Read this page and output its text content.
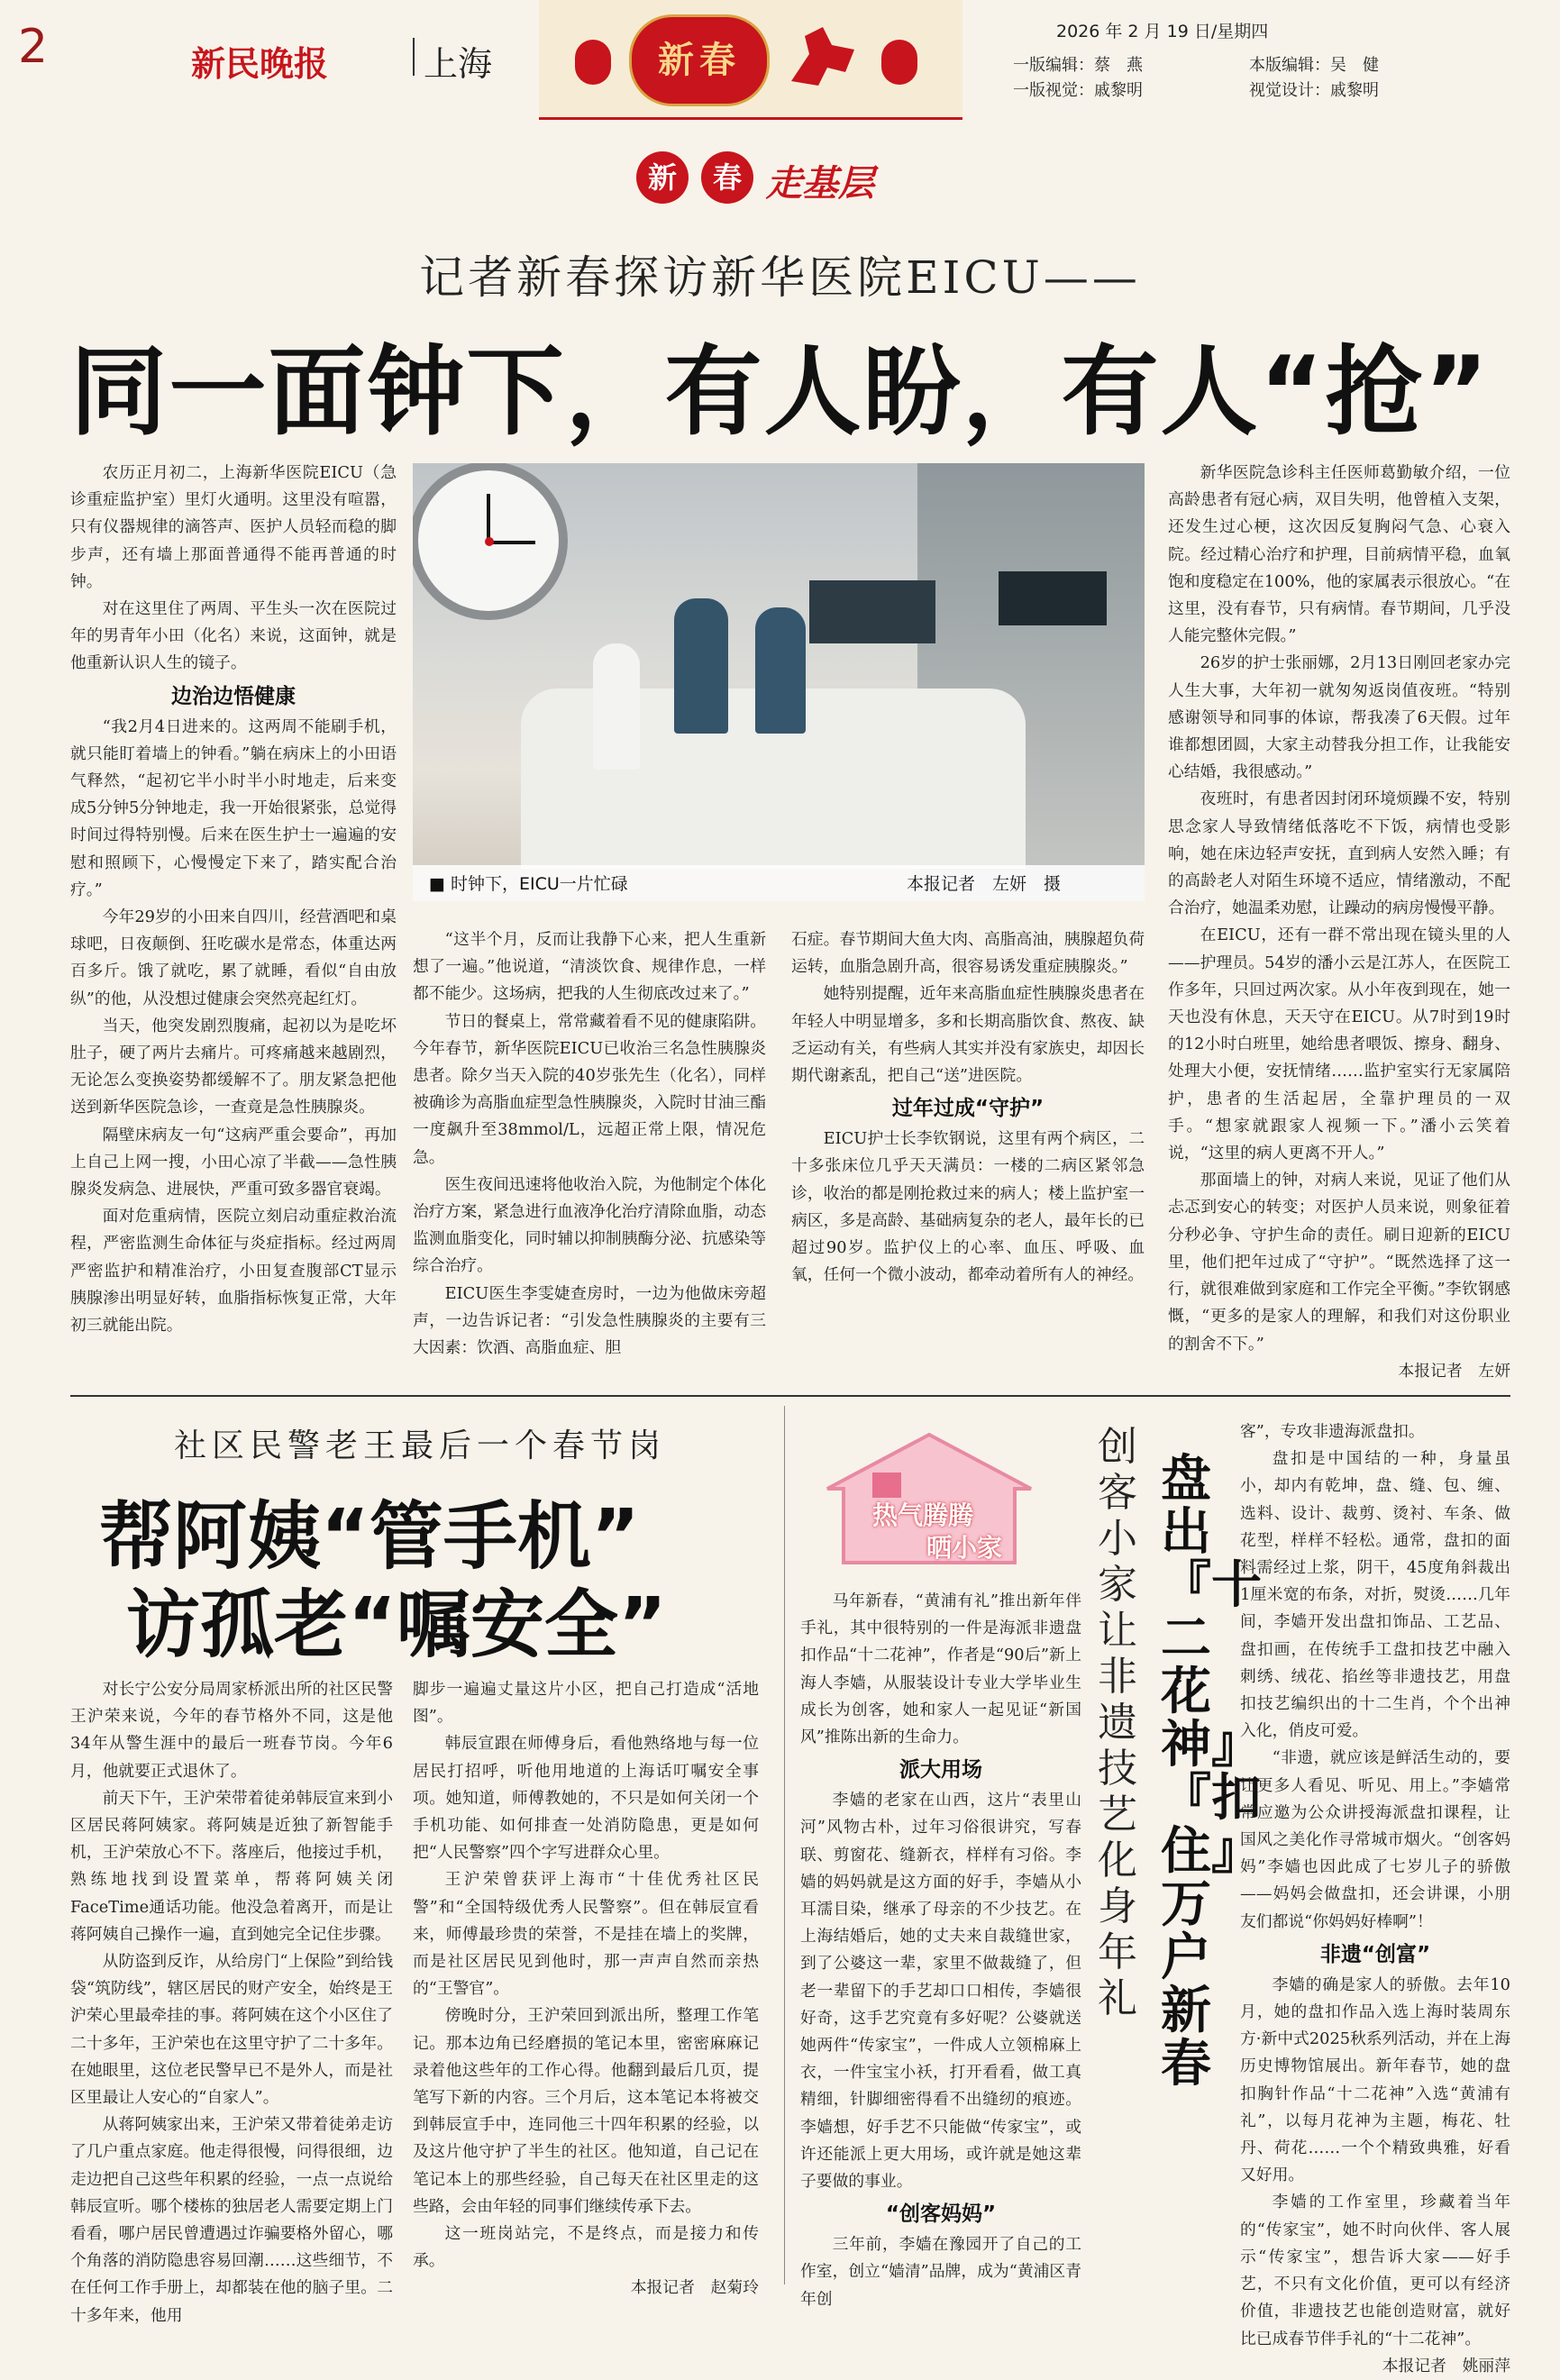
2	新民晚报	上海	新春
2026 年 2 月 19 日/星期四
一版编辑：蔡　燕
一版视觉：戚黎明
本版编辑：吴　健
视觉设计：戚黎明
新	春 走基层
记者新春探访新华医院EICU——
同一面钟下，有人盼，有人“抢”

农历正月初二，上海新华医院EICU（急诊重症监护室）里灯火通明。这里没有喧嚣，只有仪器规律的滴答声、医护人员轻而稳的脚步声，还有墙上那面普通得不能再普通的时钟。

对在这里住了两周、平生头一次在医院过年的男青年小田（化名）来说，这面钟，就是他重新认识人生的镜子。

边治边悟健康

“我2月4日进来的。这两周不能刷手机，就只能盯着墙上的钟看。”躺在病床上的小田语气释然，“起初它半小时半小时地走，后来变成5分钟5分钟地走，我一开始很紧张，总觉得时间过得特别慢。后来在医生护士一遍遍的安慰和照顾下，心慢慢定下来了，踏实配合治疗。”

今年29岁的小田来自四川，经营酒吧和桌球吧，日夜颠倒、狂吃碳水是常态，体重达两百多斤。饿了就吃，累了就睡，看似“自由放纵”的他，从没想过健康会突然亮起红灯。

当天，他突发剧烈腹痛，起初以为是吃坏肚子，硬了两片去痛片。可疼痛越来越剧烈，无论怎么变换姿势都缓解不了。朋友紧急把他送到新华医院急诊，一查竟是急性胰腺炎。

隔壁床病友一句“这病严重会要命”，再加上自己上网一搜，小田心凉了半截——急性胰腺炎发病急、进展快，严重可致多器官衰竭。

面对危重病情，医院立刻启动重症救治流程，严密监测生命体征与炎症指标。经过两周严密监护和精准治疗，小田复查腹部CT显示胰腺渗出明显好转，血脂指标恢复正常，大年初三就能出院。

■ 时钟下，EICU一片忙碌	本报记者　左妍　摄

“这半个月，反而让我静下心来，把人生重新想了一遍。”他说道，“清淡饮食、规律作息，一样都不能少。这场病，把我的人生彻底改过来了。”

节日的餐桌上，常常藏着看不见的健康陷阱。今年春节，新华医院EICU已收治三名急性胰腺炎患者。除夕当天入院的40岁张先生（化名），同样被确诊为高脂血症型急性胰腺炎，入院时甘油三酯一度飙升至38mmol/L，远超正常上限，情况危急。

医生夜间迅速将他收治入院，为他制定个体化治疗方案，紧急进行血液净化治疗清除血脂，动态监测血脂变化，同时辅以抑制胰酶分泌、抗感染等综合治疗。

EICU医生李雯婕查房时，一边为他做床旁超声，一边告诉记者：“引发急性胰腺炎的主要有三大因素：饮酒、高脂血症、胆

石症。春节期间大鱼大肉、高脂高油，胰腺超负荷运转，血脂急剧升高，很容易诱发重症胰腺炎。”

她特别提醒，近年来高脂血症性胰腺炎患者在年轻人中明显增多，多和长期高脂饮食、熬夜、缺乏运动有关，有些病人其实并没有家族史，却因长期代谢紊乱，把自己“送”进医院。

过年过成“守护”

EICU护士长李钦钢说，这里有两个病区，二十多张床位几乎天天满员：一楼的二病区紧邻急诊，收治的都是刚抢救过来的病人；楼上监护室一病区，多是高龄、基础病复杂的老人，最年长的已超过90岁。监护仪上的心率、血压、呼吸、血氧，任何一个微小波动，都牵动着所有人的神经。

新华医院急诊科主任医师葛勤敏介绍，一位高龄患者有冠心病，双目失明，他曾植入支架，还发生过心梗，这次因反复胸闷气急、心衰入院。经过精心治疗和护理，目前病情平稳，血氧饱和度稳定在100%，他的家属表示很放心。“在这里，没有春节，只有病情。春节期间，几乎没人能完整休完假。”

26岁的护士张丽娜，2月13日刚回老家办完人生大事，大年初一就匆匆返岗值夜班。“特别感谢领导和同事的体谅，帮我凑了6天假。过年谁都想团圆，大家主动替我分担工作，让我能安心结婚，我很感动。”

夜班时，有患者因封闭环境烦躁不安，特别思念家人导致情绪低落吃不下饭，病情也受影响，她在床边轻声安抚，直到病人安然入睡；有的高龄老人对陌生环境不适应，情绪激动，不配合治疗，她温柔劝慰，让躁动的病房慢慢平静。

在EICU，还有一群不常出现在镜头里的人——护理员。54岁的潘小云是江苏人，在医院工作多年，只回过两次家。从小年夜到现在，她一天也没有休息，天天守在EICU。从7时到19时的12小时白班里，她给患者喂饭、擦身、翻身、处理大小便，安抚情绪……监护室实行无家属陪护，患者的生活起居，全靠护理员的一双手。“想家就跟家人视频一下。”潘小云笑着说，“这里的病人更离不开人。”

那面墙上的钟，对病人来说，见证了他们从忐忑到安心的转变；对医护人员来说，则象征着分秒必争、守护生命的责任。刷日迎新的EICU里，他们把年过成了“守护”。“既然选择了这一行，就很难做到家庭和工作完全平衡。”李钦钢感慨，“更多的是家人的理解，和我们对这份职业的割舍不下。”

本报记者　左妍
社区民警老王最后一个春节岗
帮阿姨“管手机”
访孤老“嘱安全”

对长宁公安分局周家桥派出所的社区民警王沪荣来说，今年的春节格外不同，这是他34年从警生涯中的最后一班春节岗。今年6月，他就要正式退休了。

前天下午，王沪荣带着徒弟韩辰宣来到小区居民蒋阿姨家。蒋阿姨是近独了新智能手机，王沪荣放心不下。落座后，他接过手机，熟练地找到设置菜单，帮蒋阿姨关闭FaceTime通话功能。他没急着离开，而是让蒋阿姨自己操作一遍，直到她完全记住步骤。

从防盗到反诈，从给房门“上保险”到给钱袋“筑防线”，辖区居民的财产安全，始终是王沪荣心里最牵挂的事。蒋阿姨在这个小区住了二十多年，王沪荣也在这里守护了二十多年。在她眼里，这位老民警早已不是外人，而是社区里最让人安心的“自家人”。

从蒋阿姨家出来，王沪荣又带着徒弟走访了几户重点家庭。他走得很慢，问得很细，边走边把自己这些年积累的经验，一点一点说给韩辰宣听。哪个楼栋的独居老人需要定期上门看看，哪户居民曾遭遇过诈骗要格外留心，哪个角落的消防隐患容易回潮……这些细节，不在任何工作手册上，却都装在他的脑子里。二十多年来，他用

脚步一遍遍丈量这片小区，把自己打造成“活地图”。

韩辰宣跟在师傅身后，看他熟络地与每一位居民打招呼，听他用地道的上海话叮嘱安全事项。她知道，师傅教她的，不只是如何关闭一个手机功能、如何排查一处消防隐患，更是如何把“人民警察”四个字写进群众心里。

王沪荣曾获评上海市“十佳优秀社区民警”和“全国特级优秀人民警察”。但在韩辰宣看来，师傅最珍贵的荣誉，不是挂在墙上的奖牌，而是社区居民见到他时，那一声声自然而亲热的“王警官”。

傍晚时分，王沪荣回到派出所，整理工作笔记。那本边角已经磨损的笔记本里，密密麻麻记录着他这些年的工作心得。他翻到最后几页，提笔写下新的内容。三个月后，这本笔记本将被交到韩辰宣手中，连同他三十四年积累的经验，以及这片他守护了半生的社区。他知道，自己记在笔记本上的那些经验，自己每天在社区里走的这些路，会由年轻的同事们继续传承下去。

这一班岗站完，不是终点，而是接力和传承。

本报记者　赵菊玲
热气腾腾
晒小家
创客小家让非遗技艺化身年礼
盘出『十二花神』『扣住』万户新春

马年新春，“黄浦有礼”推出新年伴手礼，其中很特别的一件是海派非遗盘扣作品“十二花神”，作者是“90后”新上海人李嫱，从服装设计专业大学毕业生成长为创客，她和家人一起见证“新国风”推陈出新的生命力。

派大用场

李嫱的老家在山西，这片“表里山河”风物古朴，过年习俗很讲究，写春联、剪窗花、缝新衣，样样有习俗。李嫱的妈妈就是这方面的好手，李嫱从小耳濡目染，继承了母亲的不少技艺。在上海结婚后，她的丈夫来自裁缝世家，到了公婆这一辈，家里不做裁缝了，但老一辈留下的手艺却口口相传，李嫱很好奇，这手艺究竟有多好呢？公婆就送她两件“传家宝”，一件成人立领棉麻上衣，一件宝宝小袄，打开看看，做工真精细，针脚细密得看不出缝纫的痕迹。李嫱想，好手艺不只能做“传家宝”，或许还能派上更大用场，或许就是她这辈子要做的事业。

“创客妈妈”

三年前，李嫱在豫园开了自己的工作室，创立“嫱清”品牌，成为“黄浦区青年创

客”，专攻非遗海派盘扣。

盘扣是中国结的一种，身量虽小，却内有乾坤，盘、缝、包、缠、选料、设计、裁剪、烫衬、车条、做花型，样样不轻松。通常，盘扣的面料需经过上浆，阴干，45度角斜裁出1厘米宽的布条，对折，熨烫……几年间，李嫱开发出盘扣饰品、工艺品、盘扣画，在传统手工盘扣技艺中融入刺绣、绒花、掐丝等非遗技艺，用盘扣技艺编织出的十二生肖，个个出神入化，俏皮可爱。

“非遗，就应该是鲜活生动的，要让更多人看见、听见、用上。”李嫱常常应邀为公众讲授海派盘扣课程，让国风之美化作寻常城市烟火。“创客妈妈”李嫱也因此成了七岁儿子的骄傲——妈妈会做盘扣，还会讲课，小朋友们都说“你妈妈好棒啊”！

非遗“创富”

李嫱的确是家人的骄傲。去年10月，她的盘扣作品入选上海时装周东方·新中式2025秋系列活动，并在上海历史博物馆展出。新年春节，她的盘扣胸针作品“十二花神”入选“黄浦有礼”，以每月花神为主题，梅花、牡丹、荷花……一个个精致典雅，好看又好用。

李嫱的工作室里，珍藏着当年的“传家宝”，她不时向伙伴、客人展示“传家宝”，想告诉大家——好手艺，不只有文化价值，更可以有经济价值，非遗技艺也能创造财富，就好比已成春节伴手礼的“十二花神”。

本报记者　姚丽萍
